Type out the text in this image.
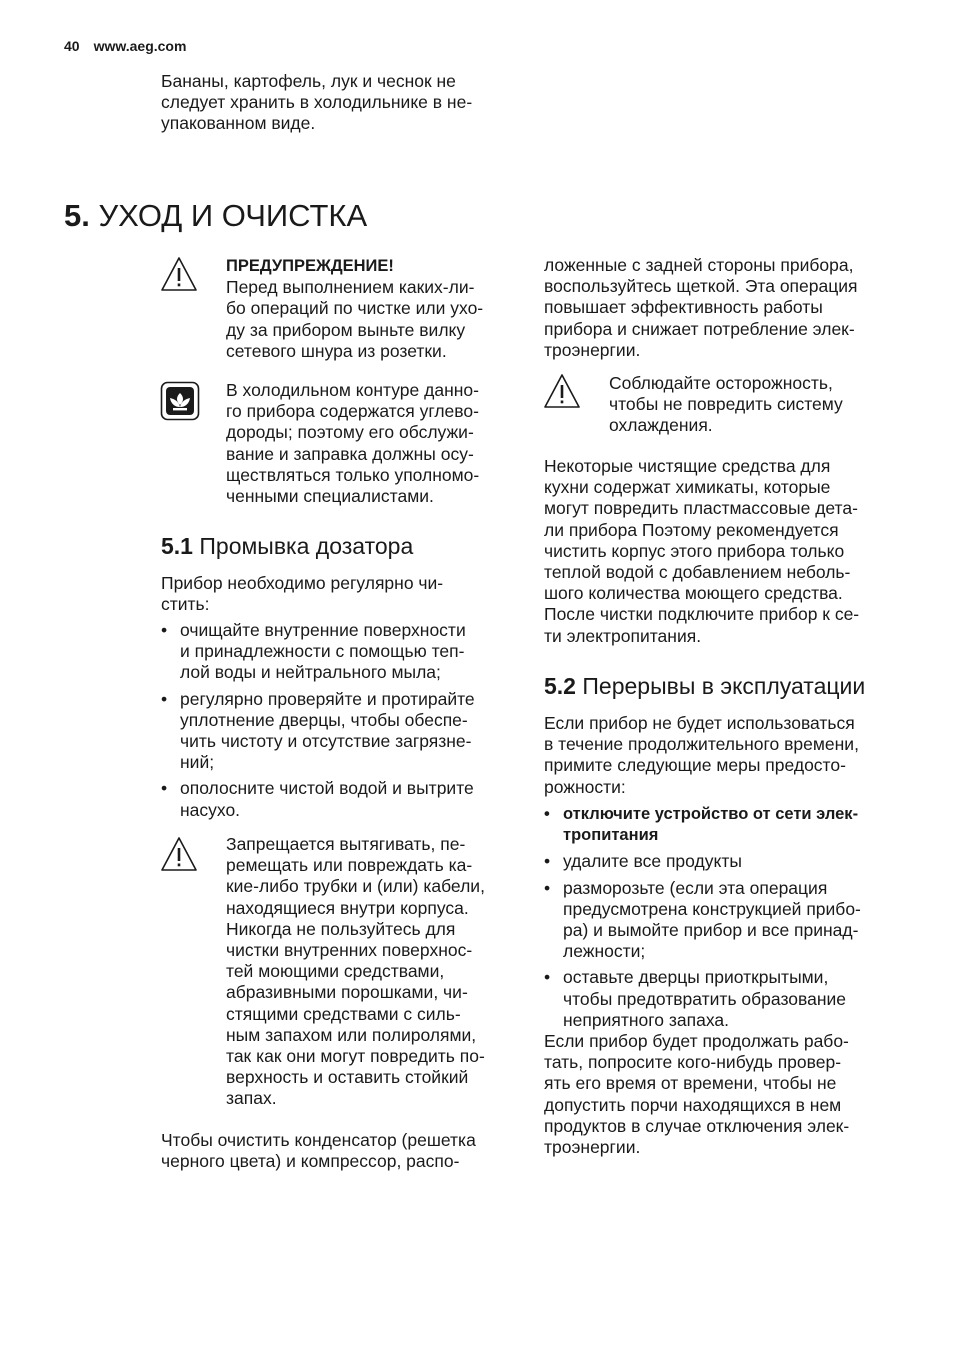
40 www.aeg.com
Бананы, картофель, лук и чеснок не
следует хранить в холодильнике в не-
упакованном виде.
5. УХОД И ОЧИСТКА
ПРЕДУПРЕЖДЕНИЕ!
Перед выполнением каких-ли-
бо операций по чистке или ухо-
ду за прибором выньте вилку
сетевого шнура из розетки.
В холодильном контуре данно-
го прибора содержатся углево-
дороды; поэтому его обслужи-
вание и заправка должны осу-
ществляться только уполномо-
ченными специалистами.
5.1 Промывка дозатора
Прибор необходимо регулярно чи-
стить:
• очищайте внутренние поверхности
и принадлежности с помощью теп-
лой воды и нейтрального мыла;
• регулярно проверяйте и протирайте
уплотнение дверцы, чтобы обеспе-
чить чистоту и отсутствие загрязне-
ний;
• ополосните чистой водой и вытрите
насухо.
Запрещается вытягивать, пе-
ремещать или повреждать ка-
кие-либо трубки и (или) кабели,
находящиеся внутри корпуса.
Никогда не пользуйтесь для
чистки внутренних поверхнос-
тей моющими средствами,
абразивными порошками, чи-
стящими средствами с силь-
ным запахом или полиролями,
так как они могут повредить по-
верхность и оставить стойкий
запах.
Чтобы очистить конденсатор (решетка
черного цвета) и компрессор, распо-
ложенные с задней стороны прибора,
воспользуйтесь щеткой. Эта операция
повышает эффективность работы
прибора и снижает потребление элек-
троэнергии.
Соблюдайте осторожность,
чтобы не повредить систему
охлаждения.
Некоторые чистящие средства для
кухни содержат химикаты, которые
могут повредить пластмассовые дета-
ли прибора Поэтому рекомендуется
чистить корпус этого прибора только
теплой водой с добавлением неболь-
шого количества моющего средства.
После чистки подключите прибор к се-
ти электропитания.
5.2 Перерывы в эксплуатации
Если прибор не будет использоваться
в течение продолжительного времени,
примите следующие меры предосто-
рожности:
• отключите устройство от сети элек-
тропитания
• удалите все продукты
• разморозьте (если эта операция
предусмотрена конструкцией прибо-
ра) и вымойте прибор и все принад-
лежности;
• оставьте дверцы приоткрытыми,
чтобы предотвратить образование
неприятного запаха.
Если прибор будет продолжать рабо-
тать, попросите кого-нибудь провер-
ять его время от времени, чтобы не
допустить порчи находящихся в нем
продуктов в случае отключения элек-
троэнергии.
